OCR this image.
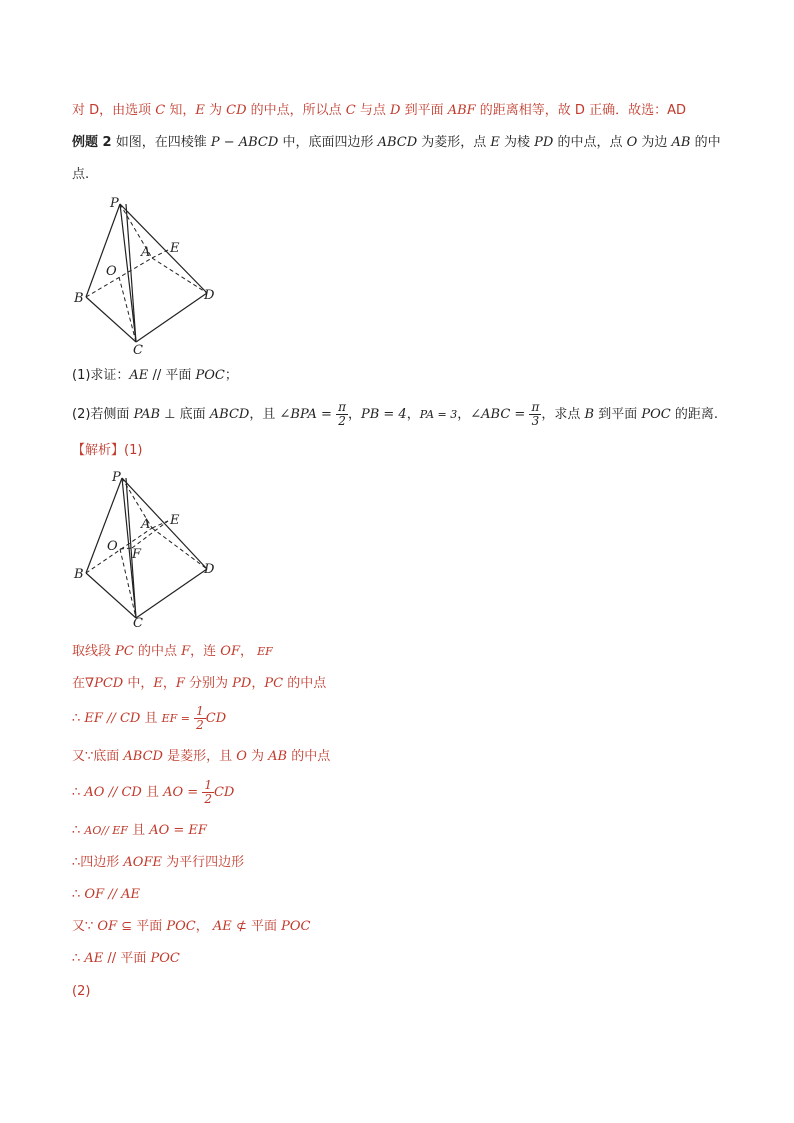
对 D，由选项 C 知，E 为 CD 的中点，所以点 C 与点 D 到平面 ABF 的距离相等，故 D 正确．故选：AD
例题 2 如图，在四棱锥 P − ABCD 中，底面四边形 ABCD 为菱形，点 E 为棱 PD 的中点，点 O 为边 AB 的中
点.
P
A E
O
B	D
C
(1)求证：AE // 平面 POC；
(2)若侧面 PAB ⊥ 底面 ABCD，且 ∠BPA = $\frac{\pi}{2}$ ，PB = 4，PA = 3，∠ABC = $\frac{\pi}{3}$ ，求点 B 到平面 POC 的距离.
【解析】(1)
P
A E
O
F
B	D
C
取线段 PC 的中点 F，连 OF， EF
在∇PCD 中，E，F 分别为 PD，PC 的中点
∴ EF // CD 且 EF = $\frac{1}{2}$ CD
又∵底面 ABCD 是菱形，且 O 为 AB 的中点
∴ AO // CD 且 AO = $\frac{1}{2}$ CD
∴ AO// EF 且 AO = EF
∴四边形 AOFE 为平行四边形
∴ OF // AE
又∵ OF ⊆ 平面 POC， AE ⊄ 平面 POC
∴ AE // 平面 POC
(2)
